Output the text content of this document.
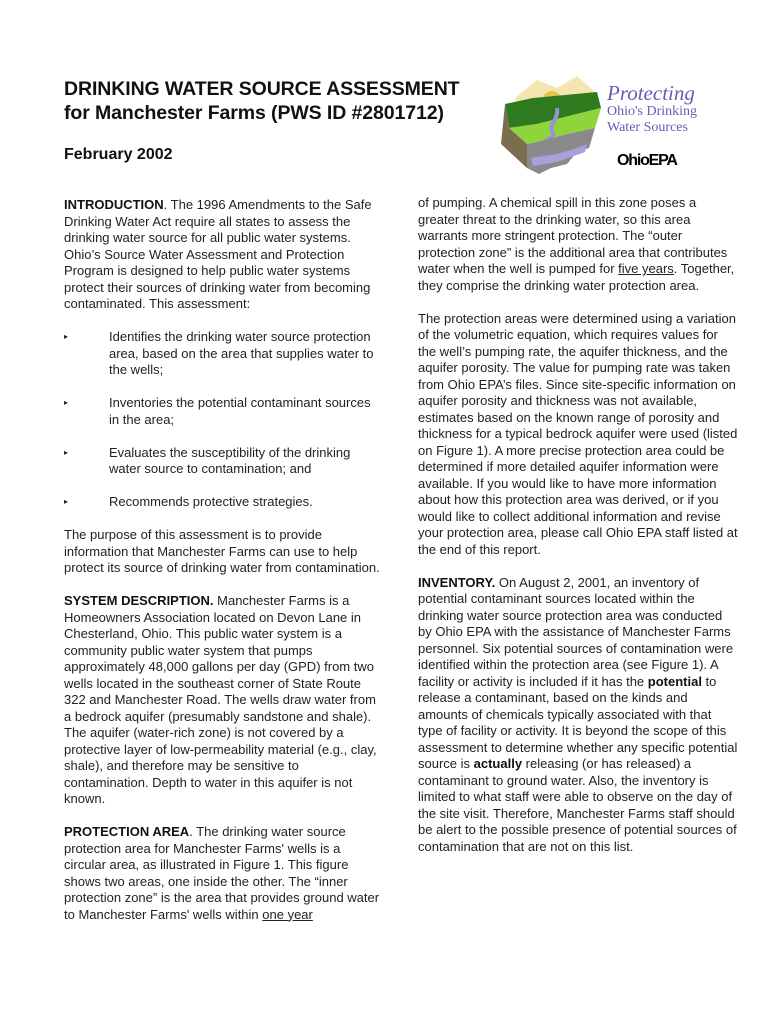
DRINKING WATER SOURCE ASSESSMENT
for Manchester Farms (PWS ID #2801712)
February 2002
Protecting
Ohio's Drinking
Water Sources
OhioEPA

INTRODUCTION. The 1996 Amendments to the Safe Drinking Water Act require all states to assess the drinking water source for all public water systems. Ohio’s Source Water Assessment and Protection Program is designed to help public water systems protect their sources of drinking water from becoming contaminated. This assessment:

▸	Identifies the drinking water source protection area, based on the area that supplies water to the wells;
▸	Inventories the potential contaminant sources in the area;
▸	Evaluates the susceptibility of the drinking water source to contamination; and
▸	Recommends protective strategies.

The purpose of this assessment is to provide information that Manchester Farms can use to help protect its source of drinking water from contamination.

SYSTEM DESCRIPTION. Manchester Farms is a Homeowners Association located on Devon Lane in Chesterland, Ohio. This public water system is a community public water system that pumps approximately 48,000 gallons per day (GPD) from two wells located in the southeast corner of State Route 322 and Manchester Road. The wells draw water from a bedrock aquifer (presumably sandstone and shale). The aquifer (water-rich zone) is not covered by a protective layer of low-permeability material (e.g., clay, shale), and therefore may be sensitive to contamination. Depth to water in this aquifer is not known.

PROTECTION AREA. The drinking water source protection area for Manchester Farms' wells is a circular area, as illustrated in Figure 1. This figure shows two areas, one inside the other. The “inner protection zone” is the area that provides ground water to Manchester Farms' wells within one year

of pumping. A chemical spill in this zone poses a greater threat to the drinking water, so this area warrants more stringent protection. The “outer protection zone” is the additional area that contributes water when the well is pumped for five years. Together, they comprise the drinking water protection area.

The protection areas were determined using a variation of the volumetric equation, which requires values for the well’s pumping rate, the aquifer thickness, and the aquifer porosity. The value for pumping rate was taken from Ohio EPA’s files. Since site-specific information on aquifer porosity and thickness was not available, estimates based on the known range of porosity and thickness for a typical bedrock aquifer were used (listed on Figure 1). A more precise protection area could be determined if more detailed aquifer information were available. If you would like to have more information about how this protection area was derived, or if you would like to collect additional information and revise your protection area, please call Ohio EPA staff listed at the end of this report.

INVENTORY. On August 2, 2001, an inventory of potential contaminant sources located within the drinking water source protection area was conducted by Ohio EPA with the assistance of Manchester Farms personnel. Six potential sources of contamination were identified within the protection area (see Figure 1). A facility or activity is included if it has the potential to release a contaminant, based on the kinds and amounts of chemicals typically associated with that type of facility or activity. It is beyond the scope of this assessment to determine whether any specific potential source is actually releasing (or has released) a contaminant to ground water. Also, the inventory is limited to what staff were able to observe on the day of the site visit. Therefore, Manchester Farms staff should be alert to the possible presence of potential sources of contamination that are not on this list.
